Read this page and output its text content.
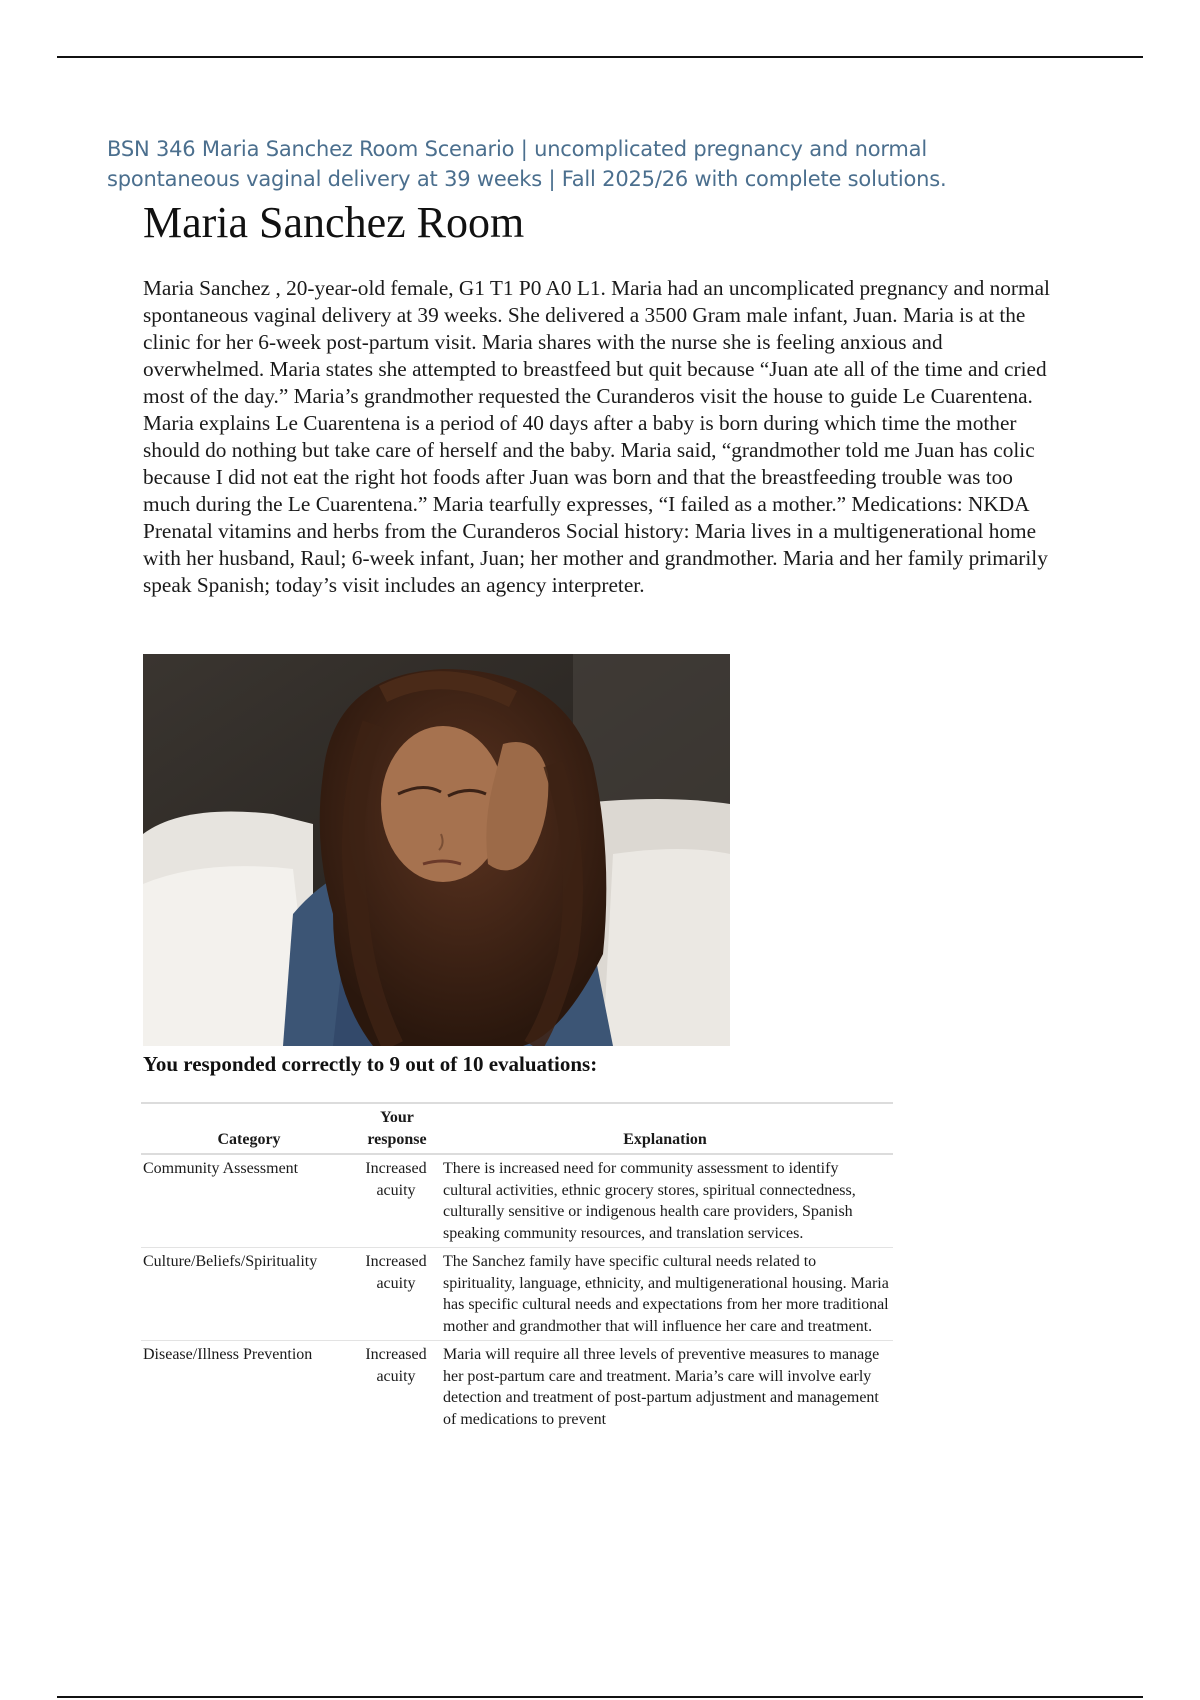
BSN 346 Maria Sanchez Room Scenario | uncomplicated pregnancy and normal
spontaneous vaginal delivery at 39 weeks | Fall 2025/26 with complete solutions.
Maria Sanchez Room

Maria Sanchez , 20-year-old female, G1 T1 P0 A0 L1. Maria had an uncomplicated pregnancy and normal spontaneous vaginal delivery at 39 weeks. She delivered a 3500 Gram male infant, Juan. Maria is at the clinic for her 6-week post-partum visit. Maria shares with the nurse she is feeling anxious and overwhelmed. Maria states she attempted to breastfeed but quit because “Juan ate all of the time and cried most of the day.” Maria’s grandmother requested the Curanderos visit the house to guide Le Cuarentena. Maria explains Le Cuarentena is a period of 40 days after a baby is born during which time the mother should do nothing but take care of herself and the baby. Maria said, “grandmother told me Juan has colic because I did not eat the right hot foods after Juan was born and that the breastfeeding trouble was too much during the Le Cuarentena.” Maria tearfully expresses, “I failed as a mother.” Medications: NKDA Prenatal vitamins and herbs from the Curanderos Social history: Maria lives in a multigenerational home with her husband, Raul; 6-week infant, Juan; her mother and grandmother. Maria and her family primarily speak Spanish; today’s visit includes an agency interpreter.

You responded correctly to 9 out of 10 evaluations:

Category	Your response	Explanation
Community Assessment	Increased acuity	There is increased need for community assessment to identify cultural activities, ethnic grocery stores, spiritual connectedness, culturally sensitive or indigenous health care providers, Spanish speaking community resources, and translation services.
Culture/Beliefs/Spirituality	Increased acuity	The Sanchez family have specific cultural needs related to spirituality, language, ethnicity, and multigenerational housing. Maria has specific cultural needs and expectations from her more traditional mother and grandmother that will influence her care and treatment.
Disease/Illness Prevention	Increased acuity	Maria will require all three levels of preventive measures to manage her post-partum care and treatment. Maria’s care will involve early detection and treatment of post-partum adjustment and management of medications to prevent
